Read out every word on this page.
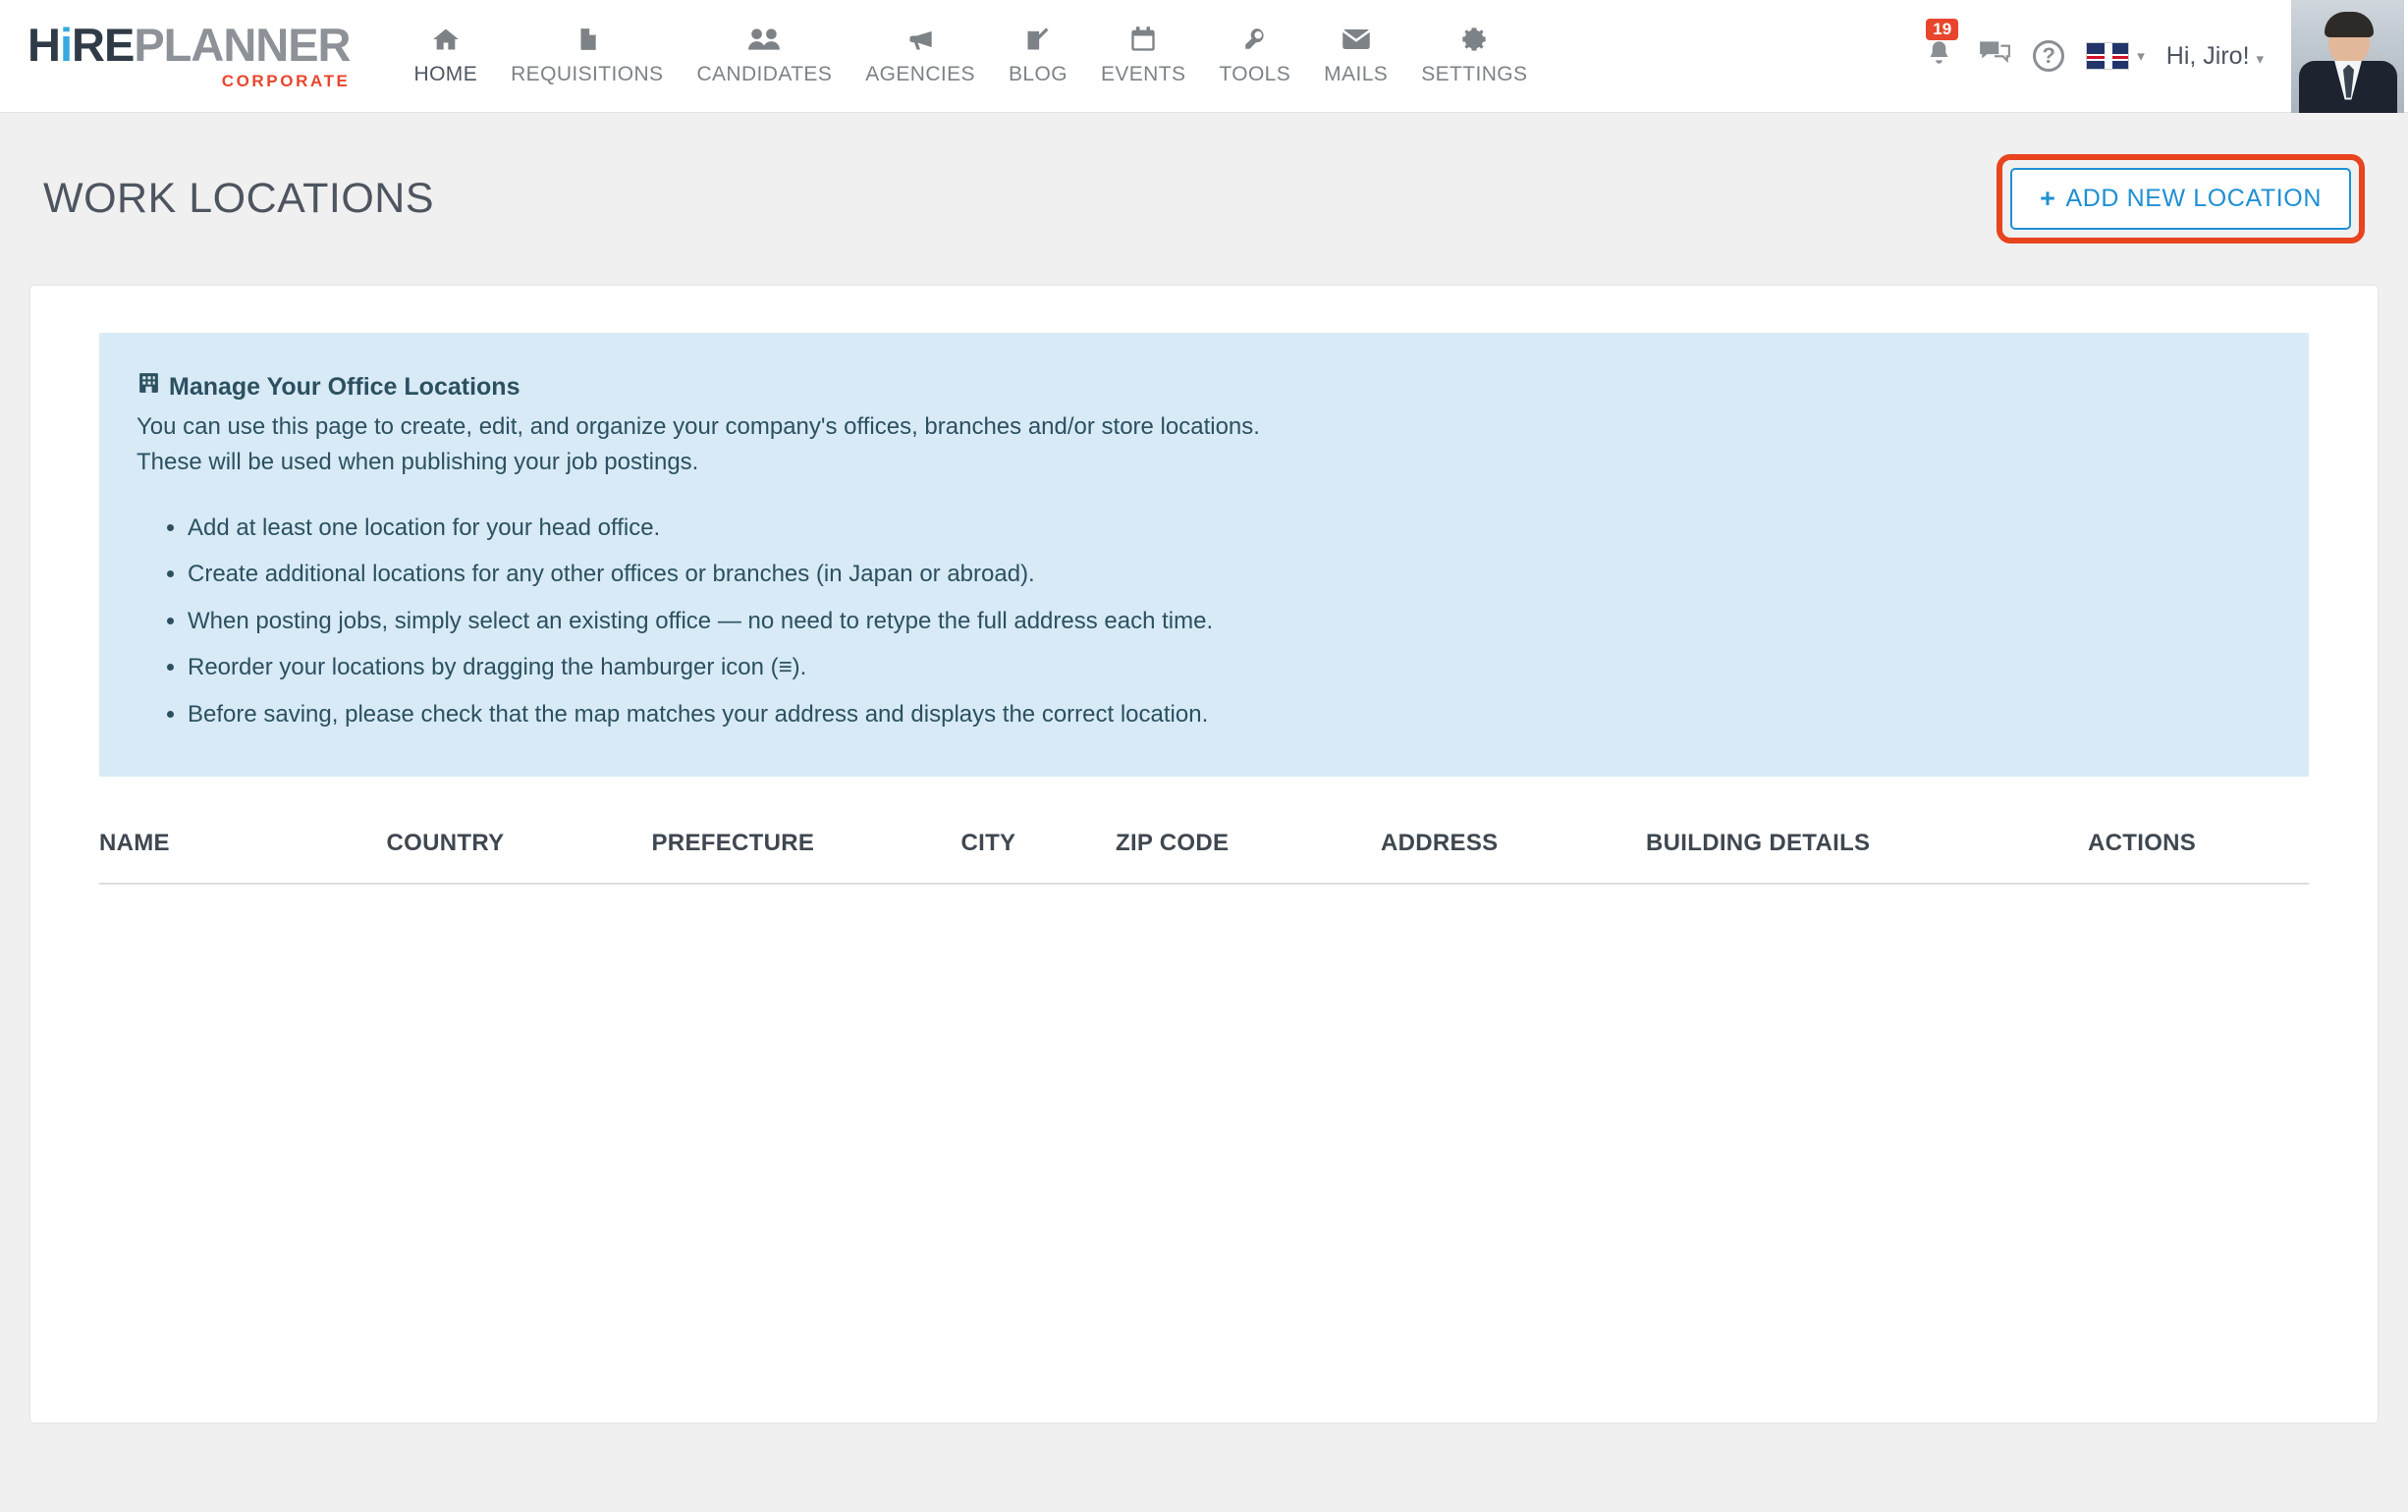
HiREPLANNER
CORPORATE	HOME REQUISITIONS CANDIDATES AGENCIES BLOG EVENTS TOOLS MAILS SETTINGS
19
?	▾ Hi, Jiro! ▾
WORK LOCATIONS	+ ADD NEW LOCATION
Manage Your Office Locations
You can use this page to create, edit, and organize your company's offices, branches and/or store locations.
These will be used when publishing your job postings.
• Add at least one location for your head office.
• Create additional locations for any other offices or branches (in Japan or abroad).
• When posting jobs, simply select an existing office — no need to retype the full address each time.
• Reorder your locations by dragging the hamburger icon (≡).
• Before saving, please check that the map matches your address and displays the correct location.
NAME	COUNTRY	PREFECTURE	CITY	ZIP CODE	ADDRESS	BUILDING DETAILS	ACTIONS
